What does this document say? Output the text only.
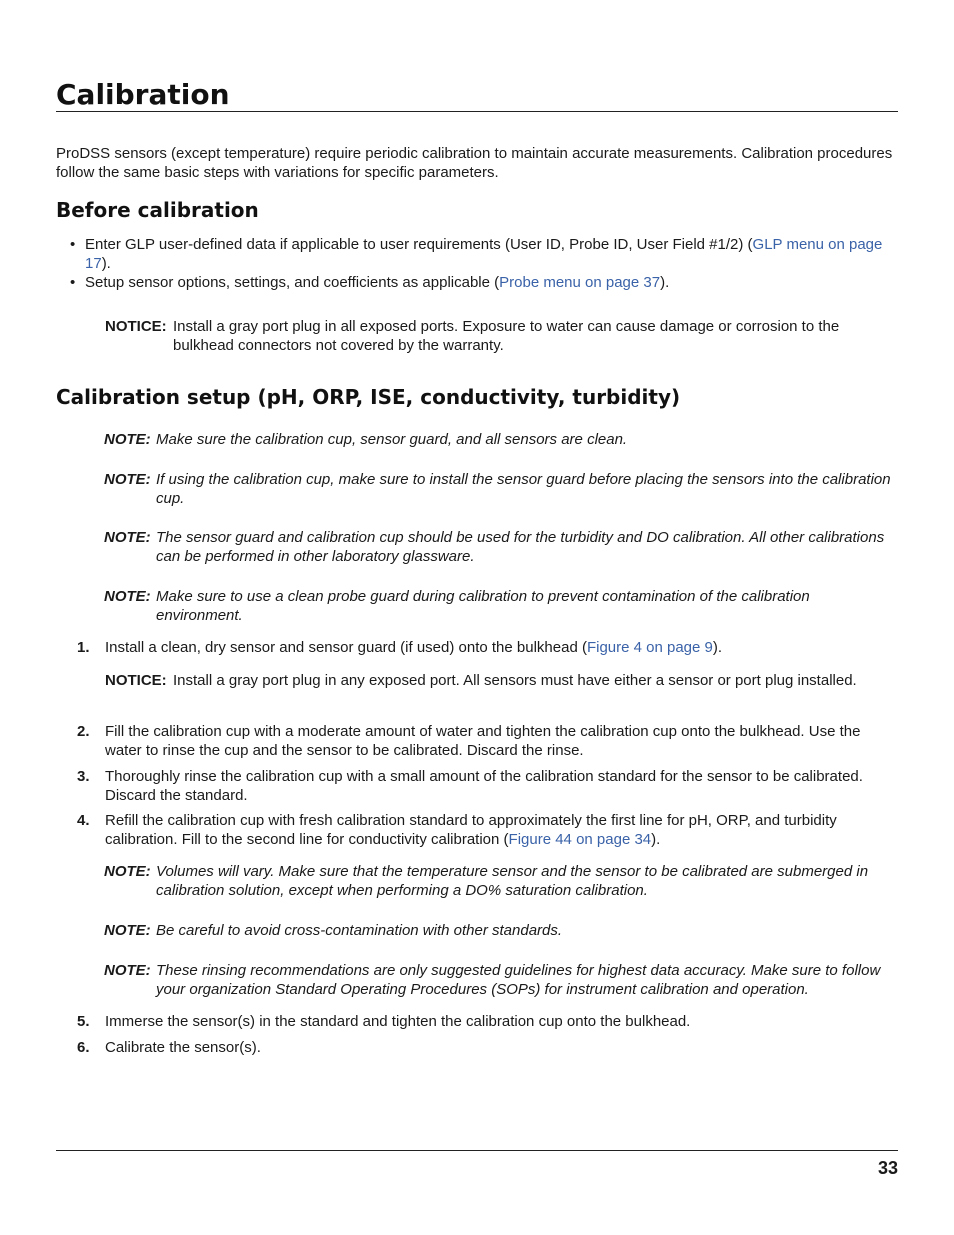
Calibration

ProDSS sensors (except temperature) require periodic calibration to maintain accurate measurements. Calibration procedures follow the same basic steps with variations for specific parameters.

Before calibration
• Enter GLP user-defined data if applicable to user requirements (User ID, Probe ID, User Field #1/2) (GLP menu on page 17).
• Setup sensor options, settings, and coefficients as applicable (Probe menu on page 37).
NOTICE: Install a gray port plug in all exposed ports. Exposure to water can cause damage or corrosion to the bulkhead connectors not covered by the warranty.
Calibration setup (pH, ORP, ISE, conductivity, turbidity)
NOTE: Make sure the calibration cup, sensor guard, and all sensors are clean.
NOTE: If using the calibration cup, make sure to install the sensor guard before placing the sensors into the calibration cup.
NOTE: The sensor guard and calibration cup should be used for the turbidity and DO calibration. All other calibrations can be performed in other laboratory glassware.
NOTE: Make sure to use a clean probe guard during calibration to prevent contamination of the calibration environment.
1. Install a clean, dry sensor and sensor guard (if used) onto the bulkhead (Figure 4 on page 9).
NOTICE: Install a gray port plug in any exposed port. All sensors must have either a sensor or port plug installed.
2. Fill the calibration cup with a moderate amount of water and tighten the calibration cup onto the bulkhead. Use the water to rinse the cup and the sensor to be calibrated. Discard the rinse.
3. Thoroughly rinse the calibration cup with a small amount of the calibration standard for the sensor to be calibrated. Discard the standard.
4. Refill the calibration cup with fresh calibration standard to approximately the first line for pH, ORP, and turbidity calibration. Fill to the second line for conductivity calibration (Figure 44 on page 34).
NOTE: Volumes will vary. Make sure that the temperature sensor and the sensor to be calibrated are submerged in calibration solution, except when performing a DO% saturation calibration.
NOTE: Be careful to avoid cross-contamination with other standards.
NOTE: These rinsing recommendations are only suggested guidelines for highest data accuracy. Make sure to follow your organization Standard Operating Procedures (SOPs) for instrument calibration and operation.
5. Immerse the sensor(s) in the standard and tighten the calibration cup onto the bulkhead.
6. Calibrate the sensor(s).
33
